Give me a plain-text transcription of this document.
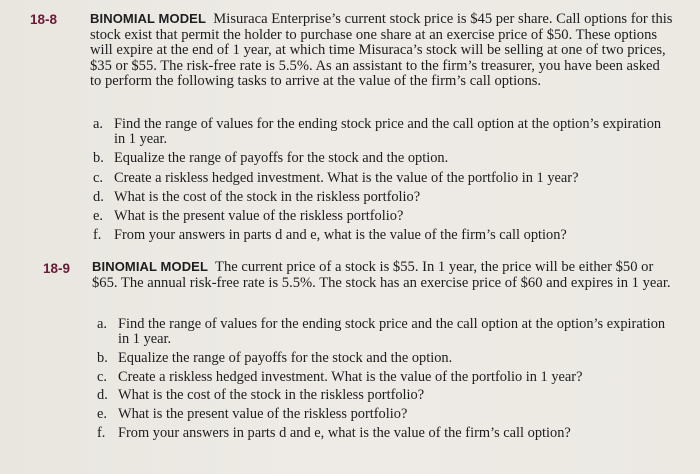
18-8	BINOMIAL MODEL Misuraca Enterprise’s current stock price is $45 per share. Call options for this stock exist that permit the holder to purchase one share at an exercise price of $50. These options will expire at the end of 1 year, at which time Misuraca’s stock will be selling at one of two prices, $35 or $55. The risk-free rate is 5.5%. As an assistant to the firm’s treasurer, you have been asked to perform the following tasks to arrive at the value of the firm’s call options.
a. Find the range of values for the ending stock price and the call option at the option’s expiration in 1 year.
b. Equalize the range of payoffs for the stock and the option.
c. Create a riskless hedged investment. What is the value of the portfolio in 1 year?
d. What is the cost of the stock in the riskless portfolio?
e. What is the present value of the riskless portfolio?
f. From your answers in parts d and e, what is the value of the firm’s call option?
18-9 BINOMIAL MODEL The current price of a stock is $55. In 1 year, the price will be either $50 or $65. The annual risk-free rate is 5.5%. The stock has an exercise price of $60 and expires in 1 year.
a. Find the range of values for the ending stock price and the call option at the option’s expiration in 1 year.
b. Equalize the range of payoffs for the stock and the option.
c. Create a riskless hedged investment. What is the value of the portfolio in 1 year?
d. What is the cost of the stock in the riskless portfolio?
e. What is the present value of the riskless portfolio?
f. From your answers in parts d and e, what is the value of the firm’s call option?
